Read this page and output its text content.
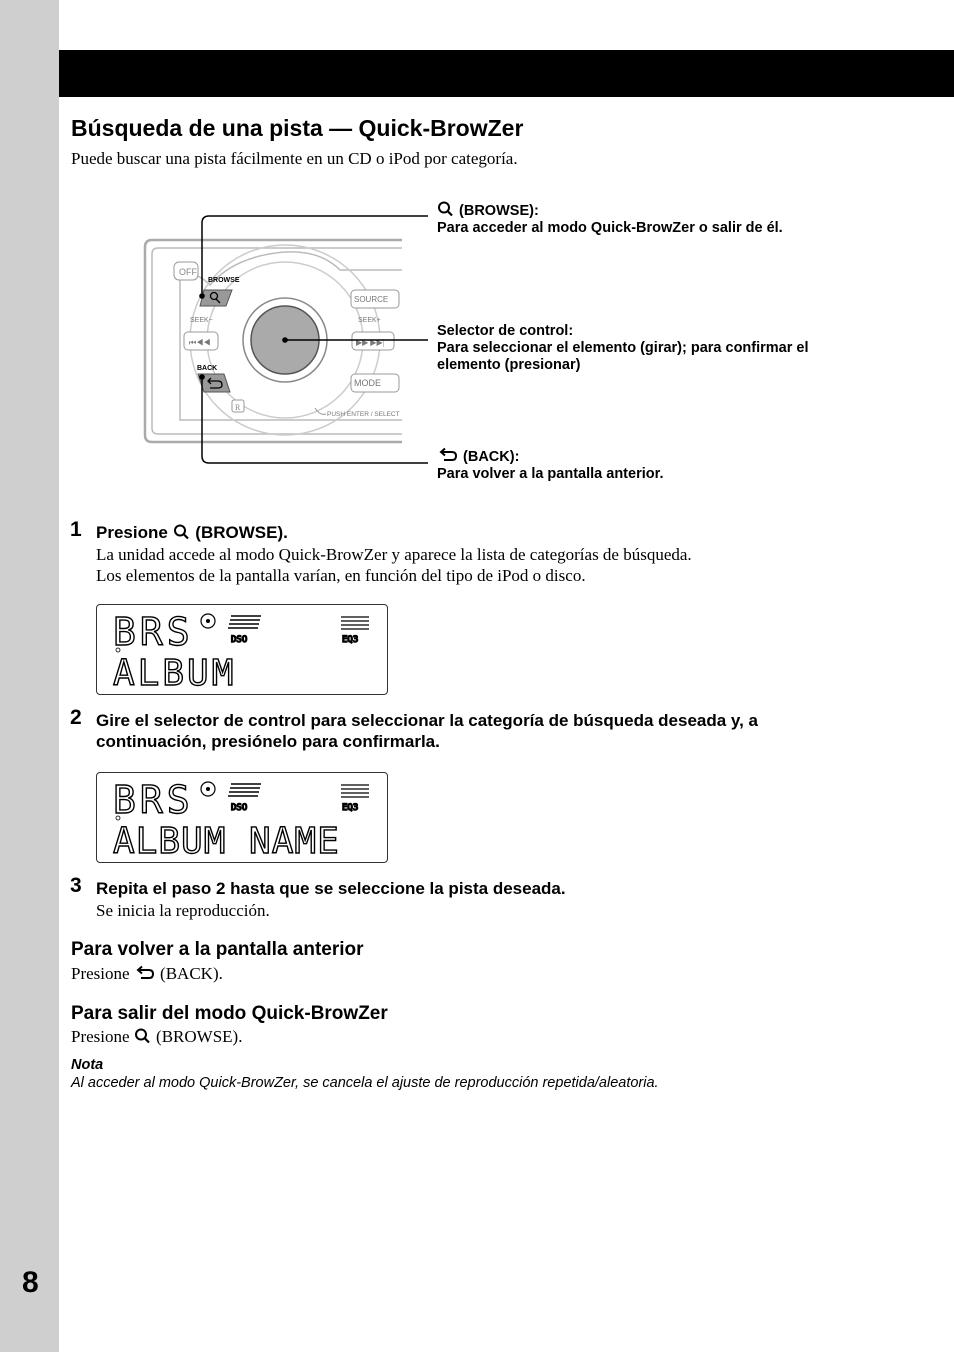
8
Búsqueda de una pista — Quick-BrowZer
Puede buscar una pista fácilmente en un CD o iPod por categoría.
OFF
BROWSE
SOURCE
SEEK−	SEEK+
⏮◀◀	▶▶ ▶▶|
BACK
R
MODE
PUSH ENTER / SELECT
(BROWSE):
Para acceder al modo Quick-BrowZer o salir de él.
Selector de control:
Para seleccionar el elemento (girar); para confirmar el
elemento (presionar)
(BACK):
Para volver a la pantalla anterior.
1 Presione (BROWSE).
La unidad accede al modo Quick-BrowZer y aparece la lista de categorías de búsqueda.
Los elementos de la pantalla varían, en función del tipo de iPod o disco.
BRS	DSO	EQ3
ALBUM
2 Gire el selector de control para seleccionar la categoría de búsqueda deseada y, a
continuación, presiónelo para confirmarla.
BRS	DSO	EQ3
ALBUM NAME
3 Repita el paso 2 hasta que se seleccione la pista deseada.
Se inicia la reproducción.
Para volver a la pantalla anterior
Presione (BACK).
Para salir del modo Quick-BrowZer
Presione (BROWSE).
Nota
Al acceder al modo Quick-BrowZer, se cancela el ajuste de reproducción repetida/aleatoria.
